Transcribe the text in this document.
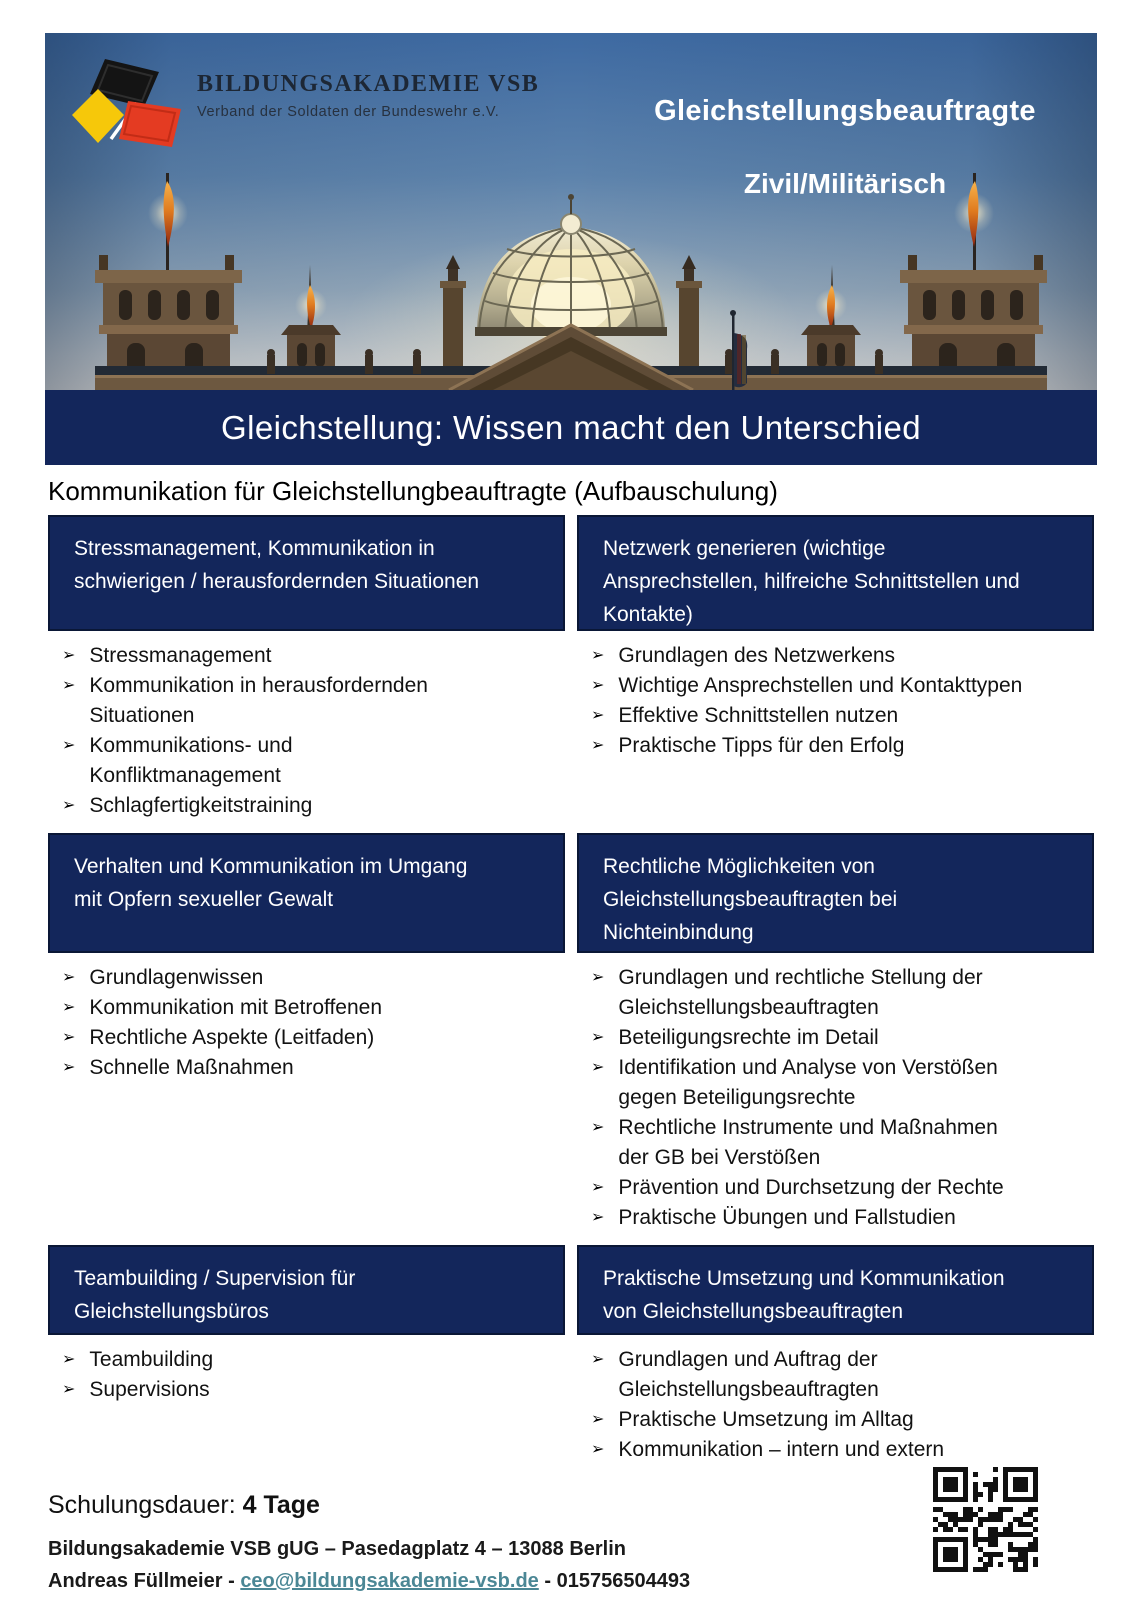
BILDUNGSAKADEMIE VSB
Verband der Soldaten der Bundeswehr e.V.	Gleichstellungsbeauftragte
Zivil/Militärisch
Gleichstellung: Wissen macht den Unterschied
Kommunikation für Gleichstellungbeauftragte (Aufbauschulung)
Stressmanagement, Kommunikation in schwierigen / herausfordernden Situationen
➢ Stressmanagement
➢ Kommunikation in herausfordernden Situationen
➢ Kommunikations- und Konfliktmanagement
➢ Schlagfertigkeitstraining
Netzwerk generieren (wichtige Ansprechstellen, hilfreiche Schnittstellen und Kontakte)
➢ Grundlagen des Netzwerkens
➢ Wichtige Ansprechstellen und Kontakttypen
➢ Effektive Schnittstellen nutzen
➢ Praktische Tipps für den Erfolg
Verhalten und Kommunikation im Umgang mit Opfern sexueller Gewalt
➢ Grundlagenwissen
➢ Kommunikation mit Betroffenen
➢ Rechtliche Aspekte (Leitfaden)
➢ Schnelle Maßnahmen
Rechtliche Möglichkeiten von Gleichstellungsbeauftragten bei Nichteinbindung
➢ Grundlagen und rechtliche Stellung der Gleichstellungsbeauftragten
➢ Beteiligungsrechte im Detail
➢ Identifikation und Analyse von Verstößen gegen Beteiligungsrechte
➢ Rechtliche Instrumente und Maßnahmen der GB bei Verstößen
➢ Prävention und Durchsetzung der Rechte
➢ Praktische Übungen und Fallstudien
Teambuilding / Supervision für Gleichstellungsbüros
➢ Teambuilding
➢ Supervisions
Praktische Umsetzung und Kommunikation von Gleichstellungsbeauftragten
➢ Grundlagen und Auftrag der Gleichstellungsbeauftragten
➢ Praktische Umsetzung im Alltag
➢ Kommunikation – intern und extern
Schulungsdauer: 4 Tage
Bildungsakademie VSB gUG – Pasedagplatz 4 – 13088 Berlin
Andreas Füllmeier - ceo@bildungsakademie-vsb.de - 015756504493
